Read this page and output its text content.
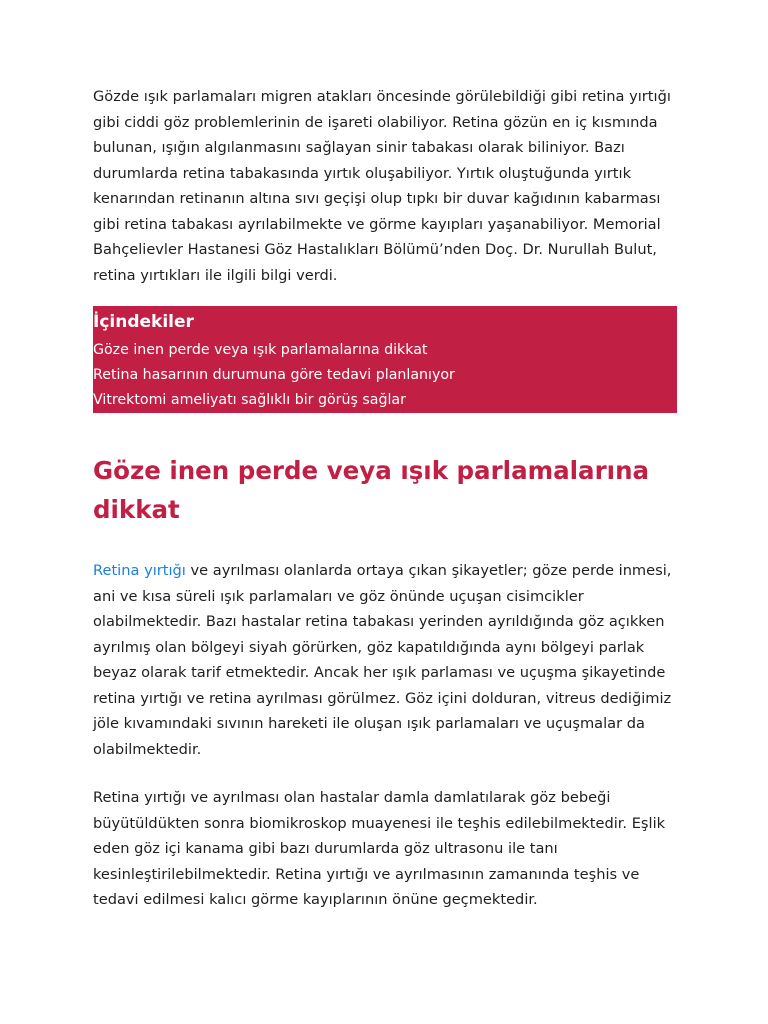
Gözde ışık parlamaları migren atakları öncesinde görülebildiği gibi retina yırtığı gibi ciddi göz problemlerinin de işareti olabiliyor. Retina gözün en iç kısmında bulunan, ışığın algılanmasını sağlayan sinir tabakası olarak biliniyor. Bazı durumlarda retina tabakasında yırtık oluşabiliyor. Yırtık oluştuğunda yırtık kenarından retinanın altına sıvı geçişi olup tıpkı bir duvar kağıdının kabarması gibi retina tabakası ayrılabilmekte ve görme kayıpları yaşanabiliyor. Memorial Bahçelievler Hastanesi Göz Hastalıkları Bölümü’nden Doç. Dr. Nurullah Bulut, retina yırtıkları ile ilgili bilgi verdi.

İçindekiler
Göze inen perde veya ışık parlamalarına dikkat
Retina hasarının durumuna göre tedavi planlanıyor
Vitrektomi ameliyatı sağlıklı bir görüş sağlar
Göze inen perde veya ışık parlamalarına dikkat

Retina yırtığı ve ayrılması olanlarda ortaya çıkan şikayetler; göze perde inmesi, ani ve kısa süreli ışık parlamaları ve göz önünde uçuşan cisimcikler olabilmektedir. Bazı hastalar retina tabakası yerinden ayrıldığında göz açıkken ayrılmış olan bölgeyi siyah görürken, göz kapatıldığında aynı bölgeyi parlak beyaz olarak tarif etmektedir. Ancak her ışık parlaması ve uçuşma şikayetinde retina yırtığı ve retina ayrılması görülmez. Göz içini dolduran, vitreus dediğimiz jöle kıvamındaki sıvının hareketi ile oluşan ışık parlamaları ve uçuşmalar da olabilmektedir.

Retina yırtığı ve ayrılması olan hastalar damla damlatılarak göz bebeği büyütüldükten sonra biomikroskop muayenesi ile teşhis edilebilmektedir. Eşlik eden göz içi kanama gibi bazı durumlarda göz ultrasonu ile tanı kesinleştirilebilmektedir. Retina yırtığı ve ayrılmasının zamanında teşhis ve tedavi edilmesi kalıcı görme kayıplarının önüne geçmektedir.
